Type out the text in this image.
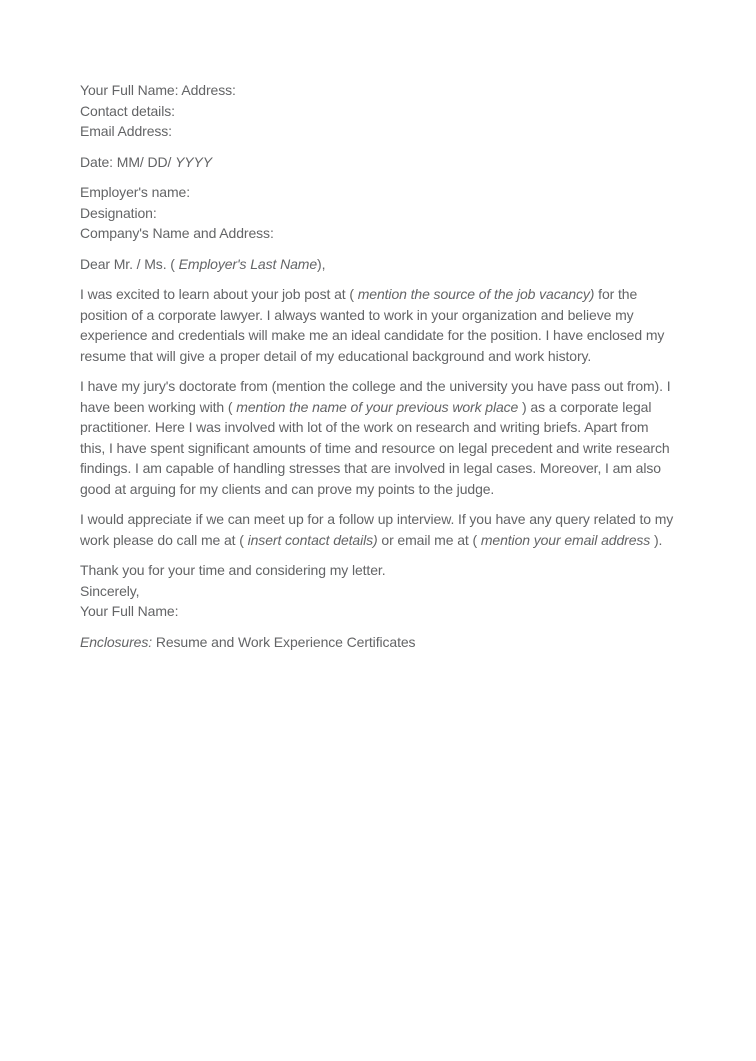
Your Full Name: Address:
Contact details:
Email Address:
Date: MM/ DD/ YYYY
Employer's name:
Designation:
Company's Name and Address:
Dear Mr. / Ms. ( Employer's Last Name),
I was excited to learn about your job post at ( mention the source of the job vacancy) for the position of a corporate lawyer. I always wanted to work in your organization and believe my experience and credentials will make me an ideal candidate for the position. I have enclosed my resume that will give a proper detail of my educational background and work history.
I have my jury's doctorate from (mention the college and the university you have pass out from). I have been working with ( mention the name of your previous work place ) as a corporate legal practitioner. Here I was involved with lot of the work on research and writing briefs. Apart from this, I have spent significant amounts of time and resource on legal precedent and write research findings. I am capable of handling stresses that are involved in legal cases. Moreover, I am also good at arguing for my clients and can prove my points to the judge.
I would appreciate if we can meet up for a follow up interview. If you have any query related to my work please do call me at ( insert contact details) or email me at ( mention your email address ).
Thank you for your time and considering my letter.
Sincerely,
Your Full Name:
Enclosures: Resume and Work Experience Certificates
